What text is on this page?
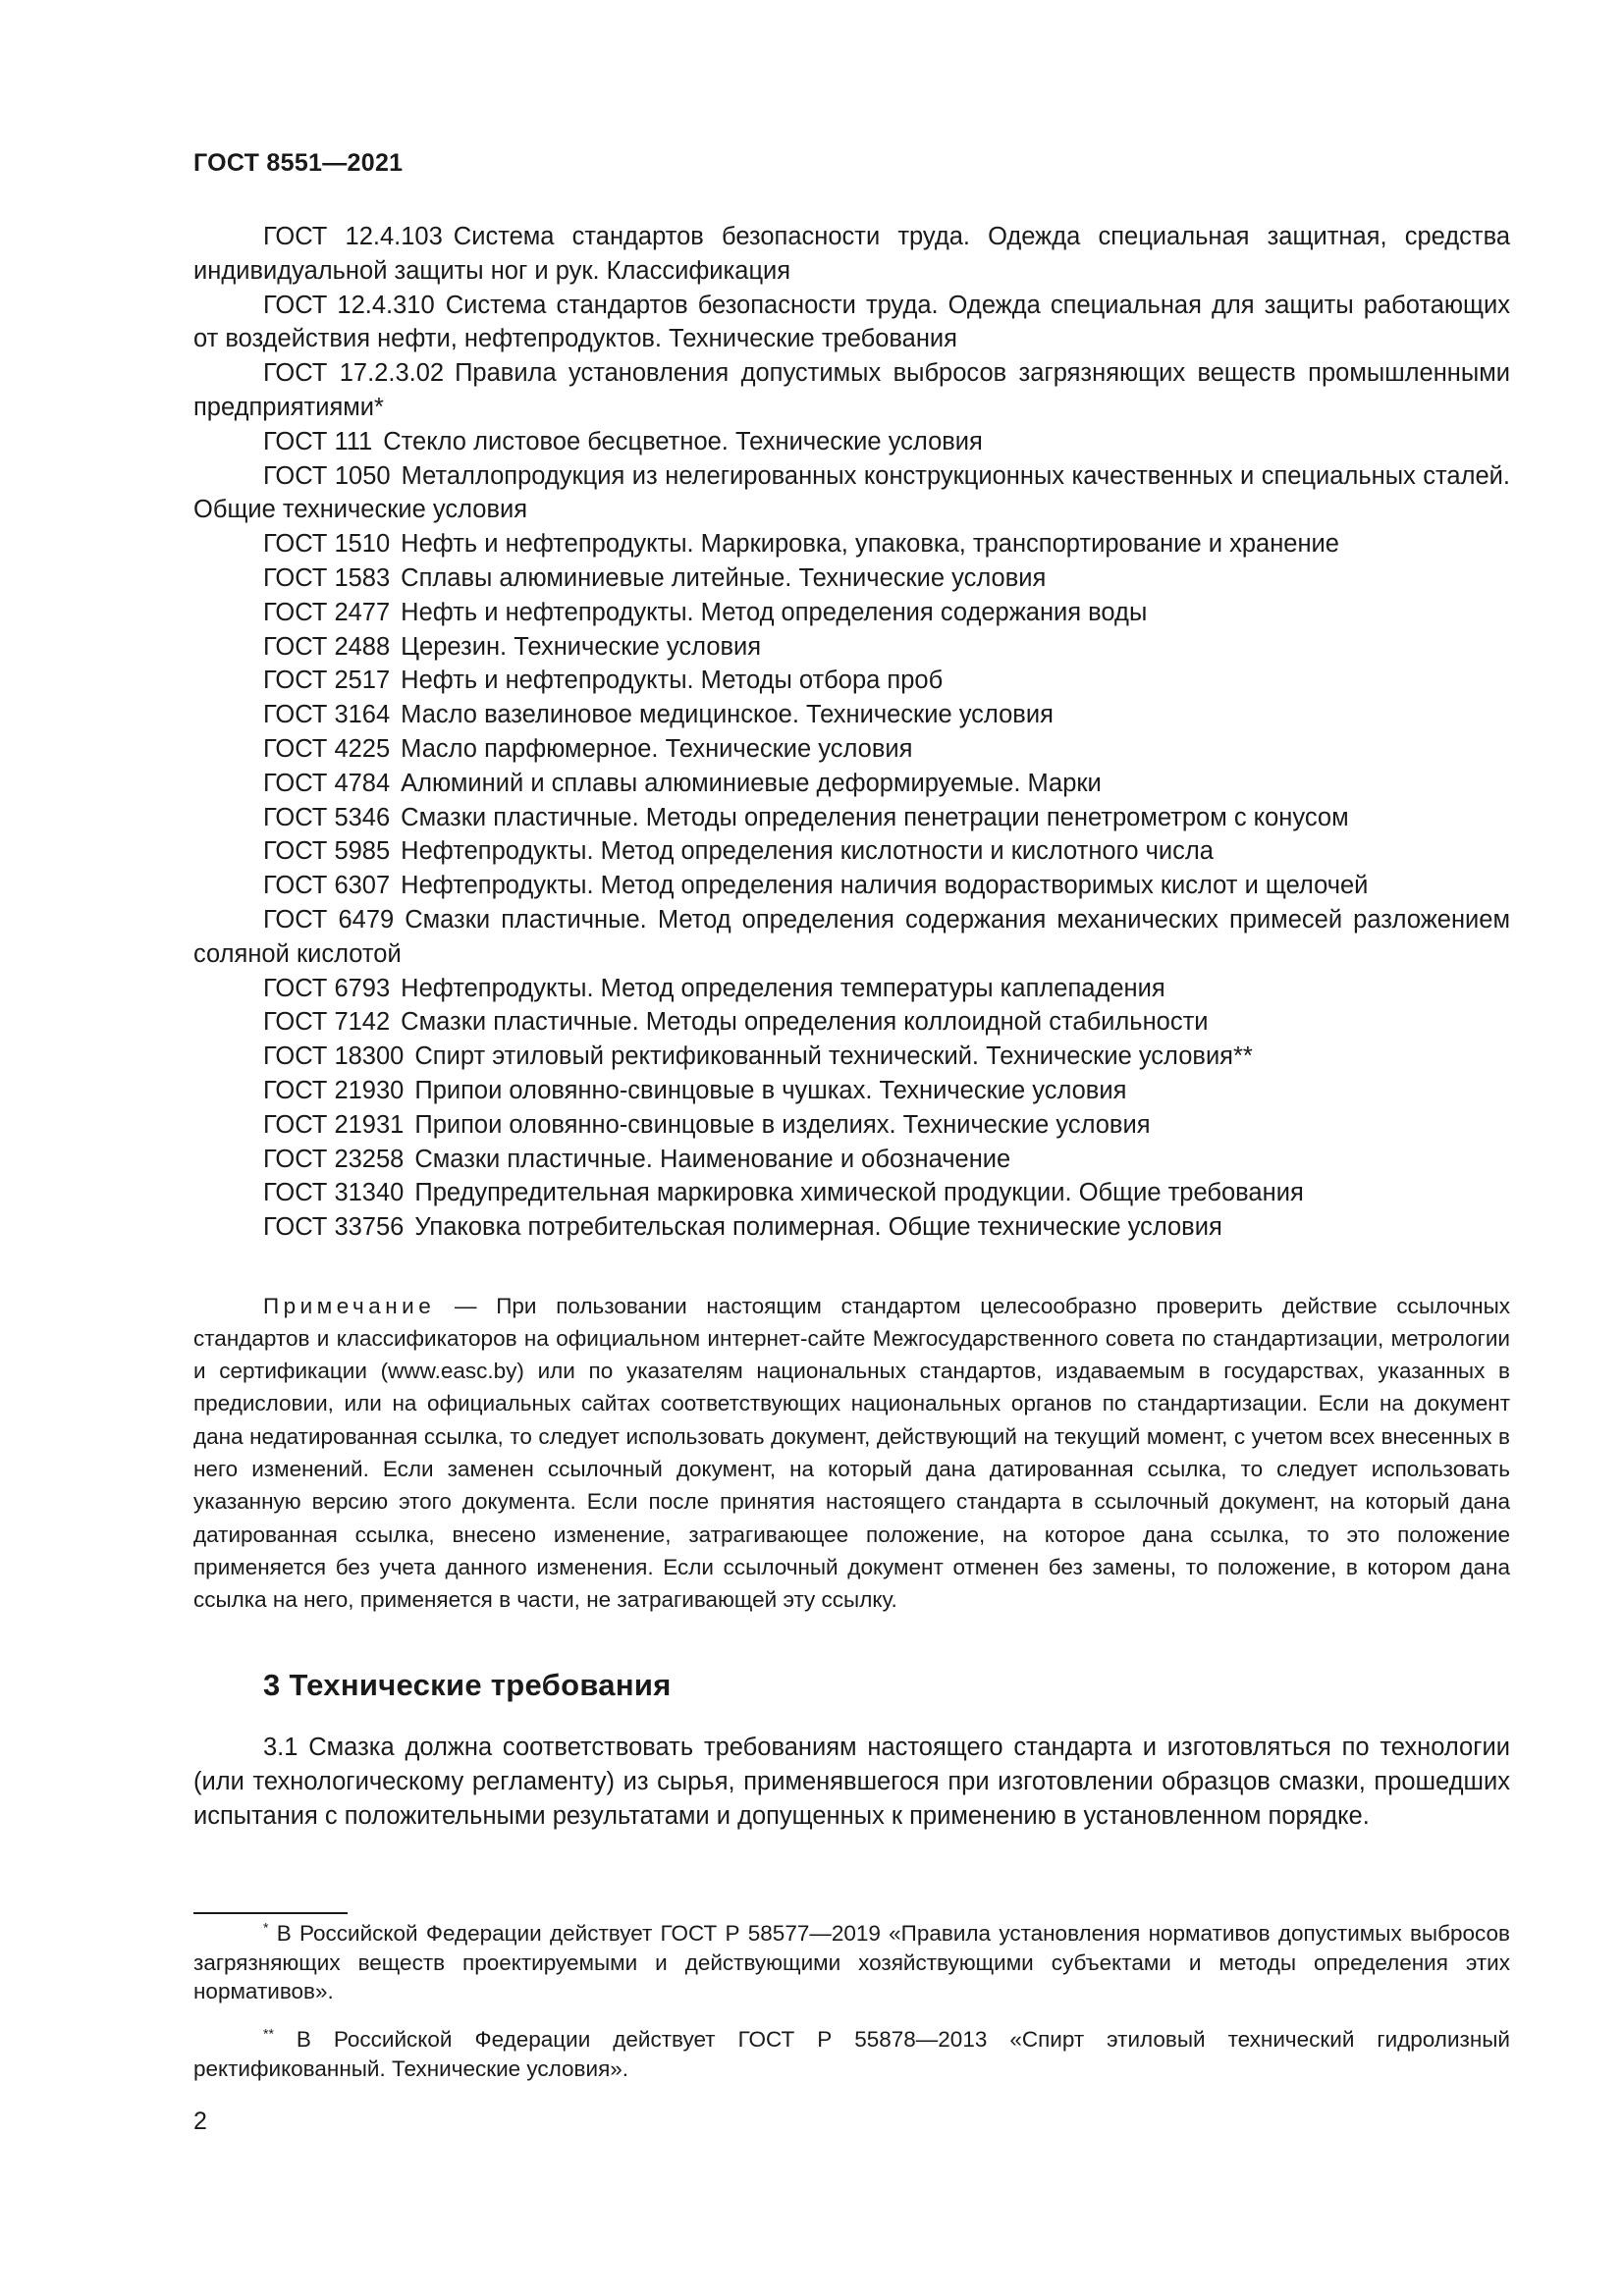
ГОСТ 8551—2021

ГОСТ 12.4.103 Система стандартов безопасности труда. Одежда специальная защитная, средства индивидуальной защиты ног и рук. Классификация

ГОСТ 12.4.310 Система стандартов безопасности труда. Одежда специальная для защиты работающих от воздействия нефти, нефтепродуктов. Технические требования

ГОСТ 17.2.3.02 Правила установления допустимых выбросов загрязняющих веществ промышленными предприятиями*

ГОСТ 111 Стекло листовое бесцветное. Технические условия

ГОСТ 1050 Металлопродукция из нелегированных конструкционных качественных и специальных сталей. Общие технические условия

ГОСТ 1510 Нефть и нефтепродукты. Маркировка, упаковка, транспортирование и хранение

ГОСТ 1583 Сплавы алюминиевые литейные. Технические условия

ГОСТ 2477 Нефть и нефтепродукты. Метод определения содержания воды

ГОСТ 2488 Церезин. Технические условия

ГОСТ 2517 Нефть и нефтепродукты. Методы отбора проб

ГОСТ 3164 Масло вазелиновое медицинское. Технические условия

ГОСТ 4225 Масло парфюмерное. Технические условия

ГОСТ 4784 Алюминий и сплавы алюминиевые деформируемые. Марки

ГОСТ 5346 Смазки пластичные. Методы определения пенетрации пенетрометром с конусом

ГОСТ 5985 Нефтепродукты. Метод определения кислотности и кислотного числа

ГОСТ 6307 Нефтепродукты. Метод определения наличия водорастворимых кислот и щелочей

ГОСТ 6479 Смазки пластичные. Метод определения содержания механических примесей разложением соляной кислотой

ГОСТ 6793 Нефтепродукты. Метод определения температуры каплепадения

ГОСТ 7142 Смазки пластичные. Методы определения коллоидной стабильности

ГОСТ 18300 Спирт этиловый ректификованный технический. Технические условия**

ГОСТ 21930 Припои оловянно-свинцовые в чушках. Технические условия

ГОСТ 21931 Припои оловянно-свинцовые в изделиях. Технические условия

ГОСТ 23258 Смазки пластичные. Наименование и обозначение

ГОСТ 31340 Предупредительная маркировка химической продукции. Общие требования

ГОСТ 33756 Упаковка потребительская полимерная. Общие технические условия

Примечание — При пользовании настоящим стандартом целесообразно проверить действие ссылочных стандартов и классификаторов на официальном интернет-сайте Межгосударственного совета по стандартизации, метрологии и сертификации (www.easc.by) или по указателям национальных стандартов, издаваемым в государствах, указанных в предисловии, или на официальных сайтах соответствующих национальных органов по стандартизации. Если на документ дана недатированная ссылка, то следует использовать документ, действующий на текущий момент, с учетом всех внесенных в него изменений. Если заменен ссылочный документ, на который дана датированная ссылка, то следует использовать указанную версию этого документа. Если после принятия настоящего стандарта в ссылочный документ, на который дана датированная ссылка, внесено изменение, затрагивающее положение, на которое дана ссылка, то это положение применяется без учета данного изменения. Если ссылочный документ отменен без замены, то положение, в котором дана ссылка на него, применяется в части, не затрагивающей эту ссылку.

3 Технические требования

3.1 Смазка должна соответствовать требованиям настоящего стандарта и изготовляться по технологии (или технологическому регламенту) из сырья, применявшегося при изготовлении образцов смазки, прошедших испытания с положительными результатами и допущенных к применению в установленном порядке.

* В Российской Федерации действует ГОСТ Р 58577—2019 «Правила установления нормативов допустимых выбросов загрязняющих веществ проектируемыми и действующими хозяйствующими субъектами и методы определения этих нормативов».

** В Российской Федерации действует ГОСТ Р 55878—2013 «Спирт этиловый технический гидролизный ректификованный. Технические условия».

2
